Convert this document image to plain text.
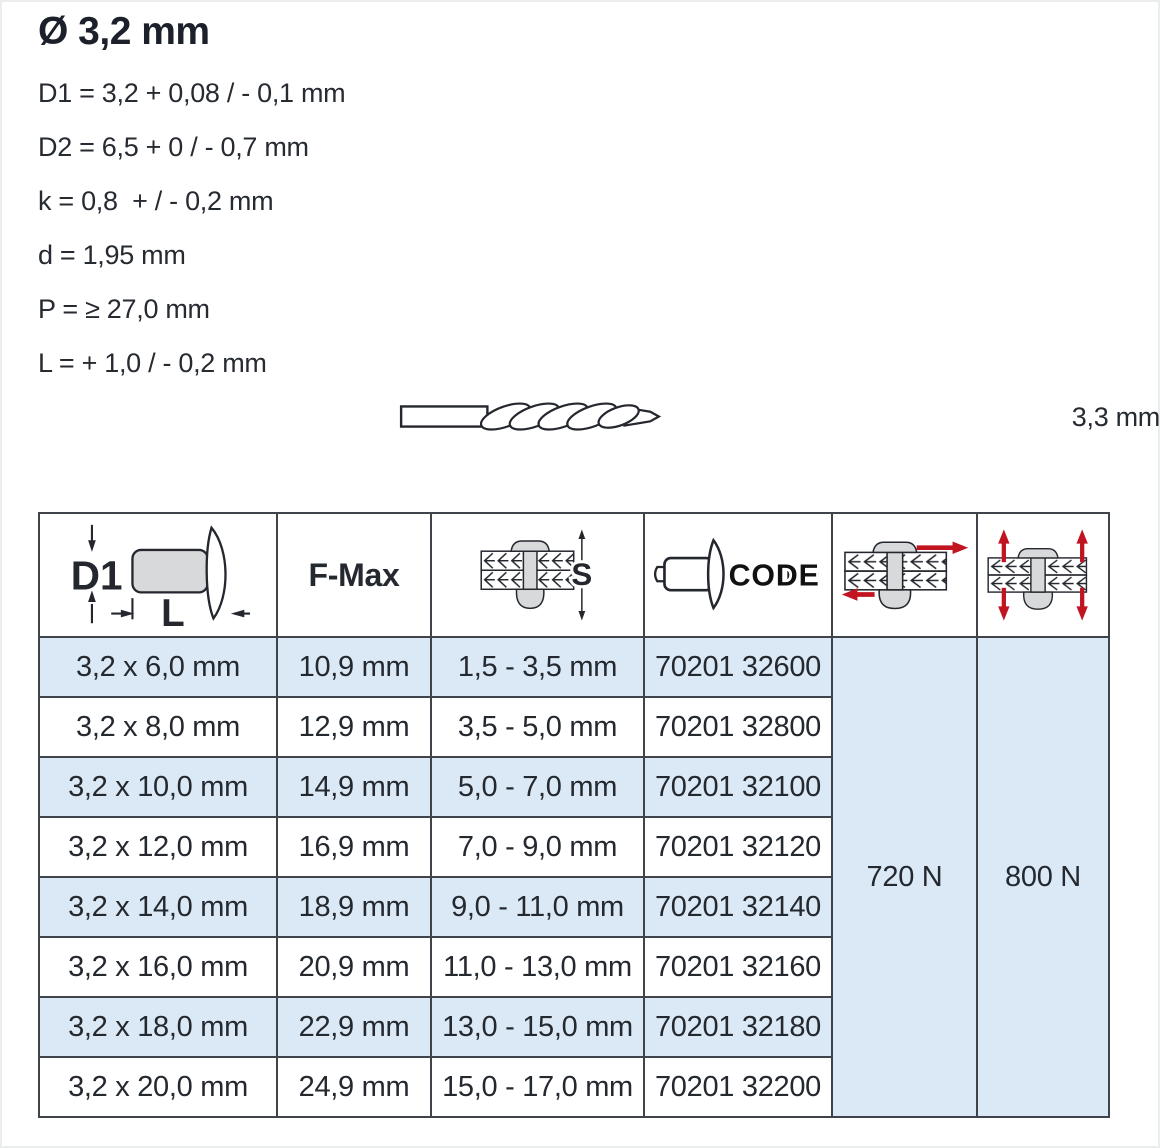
Ø 3,2 mm
D1 = 3,2 + 0,08 / - 0,1 mm
D2 = 6,5 + 0 / - 0,7 mm
k = 0,8  + / - 0,2 mm
d = 1,95 mm
P = ≥ 27,0 mm
L = + 1,0 / - 0,2 mm
3,3 mm
D1
L	F-Max	S	CODE

3,2 x 6,0 mm	10,9 mm	1,5 - 3,5 mm	70201 32600	720 N	800 N
3,2 x 8,0 mm	12,9 mm	3,5 - 5,0 mm	70201 32800		
3,2 x 10,0 mm	14,9 mm	5,0 - 7,0 mm	70201 32100		
3,2 x 12,0 mm	16,9 mm	7,0 - 9,0 mm	70201 32120		
3,2 x 14,0 mm	18,9 mm	9,0 - 11,0 mm	70201 32140		
3,2 x 16,0 mm	20,9 mm	11,0 - 13,0 mm	70201 32160		
3,2 x 18,0 mm	22,9 mm	13,0 - 15,0 mm	70201 32180		
3,2 x 20,0 mm	24,9 mm	15,0 - 17,0 mm	70201 32200		
